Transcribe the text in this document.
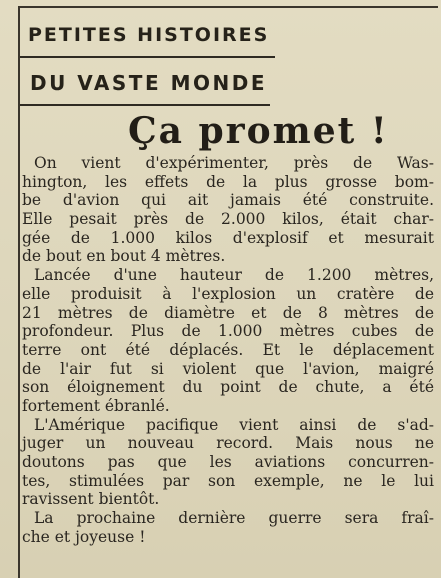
PETITES HISTOIRES
DU VASTE MONDE
Ça promet !
On vient d'expérimenter, près de Was-
hington, les effets de la plus grosse bom-
be d'avion qui ait jamais été construite.
Elle pesait près de 2.000 kilos, était char-
gée de 1.000 kilos d'explosif et mesurait
de bout en bout 4 mètres.
Lancée d'une hauteur de 1.200 mètres,
elle produisit à l'explosion un cratère de
21 mètres de diamètre et de 8 mètres de
profondeur. Plus de 1.000 mètres cubes de
terre ont été déplacés. Et le déplacement
de l'air fut si violent que l'avion, maigré
son éloignement du point de chute, a été
fortement ébranlé.
L'Amérique pacifique vient ainsi de s'ad-
juger un nouveau record. Mais nous ne
doutons pas que les aviations concurren-
tes, stimulées par son exemple, ne le lui
ravissent bientôt.
La prochaine dernière guerre sera fraî-
che et joyeuse !
